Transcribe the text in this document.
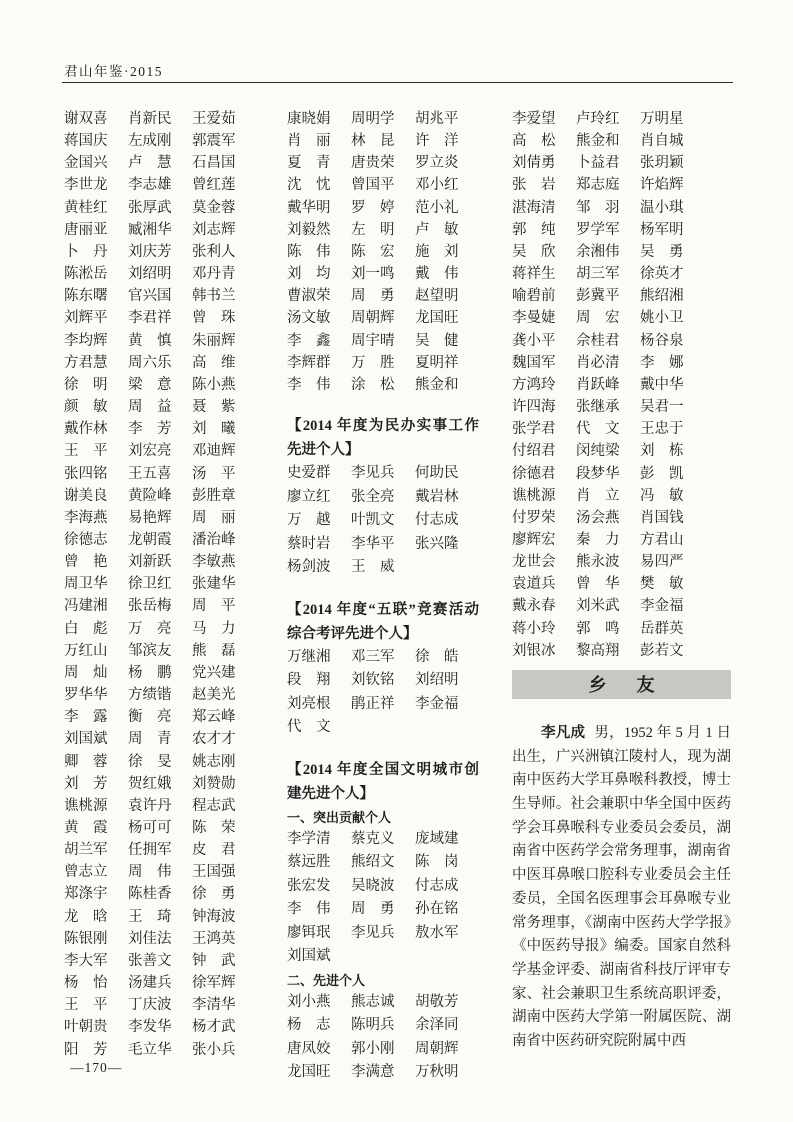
君山年鉴·2015
谢双喜	肖新民	王爱茹
蒋国庆	左成刚	郭震军
金国兴	卢　慧	石昌国
李世龙	李志雄	曾红莲
黄桂红	张厚武	莫金蓉
唐丽亚	臧湘华	刘志辉
卜　丹	刘庆芳	张利人
陈淞岳	刘绍明	邓丹青
陈东曙	官兴国	韩书兰
刘辉平	李君祥	曾　珠
李均辉	黄　慎	朱丽辉
方君慧	周六乐	高　维
徐　明	梁　意	陈小燕
颜　敏	周　益	聂　紫
戴作林	李　芳	刘　曦
王　平	刘宏亮	邓迪辉
张四铭	王五喜	汤　平
谢美良	黄险峰	彭胜章
李海燕	易艳辉	周　丽
徐德志	龙朝霞	潘治峰
曾　艳	刘新跃	李敏燕
周卫华	徐卫红	张建华
冯建湘	张岳梅	周　平
白　彪	万　亮	马　力
万红山	邹滨友	熊　磊
周　灿	杨　鹏	党兴建
罗华华	方绩锴	赵美光
李　露	衡　亮	郑云峰
刘国斌	周　青	农才才
卿　蓉	徐　旻	姚志刚
刘　芳	贺红娥	刘赞勋
谯桃源	袁许丹	程志武
黄　霞	杨可可	陈　荣
胡兰军	任拥军	皮　君
曾志立	周　伟	王国强
郑涤宇	陈桂香	徐　勇
龙　晗	王　琦	钟海波
陈银刚	刘佳法	王鸿英
李大军	张善文	钟　武
杨　怡	汤建兵	徐军辉
王　平	丁庆波	李清华
叶朝贵	李发华	杨才武
阳　芳	毛立华	张小兵
康晓娟	周明学	胡兆平
肖　丽	林　昆	许　洋
夏　青	唐贵荣	罗立炎
沈　忱	曾国平	邓小红
戴华明	罗　婷	范小礼
刘毅然	左　明	卢　敏
陈　伟	陈　宏	施　刘
刘　均	刘一鸣	戴　伟
曹淑荣	周　勇	赵望明
汤文敏	周朝辉	龙国旺
李　鑫	周宇晴	吴　健
李辉群	万　胜	夏明祥
李　伟	涂　松	熊金和
【2014 年度为民办实事工作先进个人】
史爱群	李见兵	何助民
廖立红	张全亮	戴岩林
万　越	叶凯文	付志成
蔡时岩	李华平	张兴隆
杨剑波	王　威
【2014 年度“五联”竞赛活动综合考评先进个人】
万继湘	邓三军	徐　皓
段　翔	刘钦铭	刘绍明
刘亮根	鹃正祥	李金福
代　文
【2014 年度全国文明城市创建先进个人】
一、突出贡献个人
李学清	蔡克义	庞域建
蔡远胜	熊绍文	陈　岗
张宏发	吴晓波	付志成
李　伟	周　勇	孙在铭
廖铒珉	李见兵	敖水军
刘国斌
二、先进个人
刘小燕	熊志诚	胡敬芳
杨　志	陈明兵	余泽同
唐凤姣	郭小刚	周朝辉
龙国旺	李满意	万秋明
李爱望	卢玲红	万明星
高　松	熊金和	肖自城
刘倩勇	卜益君	张玥颖
张　岩	郑志庭	许焰辉
湛海清	邹　羽	温小琪
郭　纯	罗学军	杨军明
吴　欣	余湘伟	吴　勇
蒋祥生	胡三军	徐英才
喻碧前	彭冀平	熊绍湘
李曼婕	周　宏	姚小卫
龚小平	佘桂君	杨谷泉
魏国军	肖必清	李　娜
方鸿玲	肖跃峰	戴中华
许四海	张继承	吴君一
张学君	代　文	王忠于
付绍君	闵纯梁	刘　栋
徐德君	段梦华	彭　凯
谯桃源	肖　立	冯　敏
付罗荣	汤会燕	肖国钱
廖辉宏	秦　力	方君山
龙世会	熊永波	易四严
袁道兵	曾　华	樊　敏
戴永春	刘米武	李金福
蒋小玲	郭　鸣	岳群英
刘银冰	黎高翔	彭若文
乡　友

李凡成 男，1952 年 5 月 1 日出生，广兴洲镇江陵村人，现为湖南中医药大学耳鼻喉科教授，博士生导师。社会兼职中华全国中医药学会耳鼻喉科专业委员会委员，湖南省中医药学会常务理事，湖南省中医耳鼻喉口腔科专业委员会主任委员，全国名医理事会耳鼻喉专业常务理事，《湖南中医药大学学报》《中医药导报》编委。国家自然科学基金评委、湖南省科技厅评审专家、社会兼职卫生系统高职评委，湖南中医药大学第一附属医院、湖南省中医药研究院附属中西

—170—
